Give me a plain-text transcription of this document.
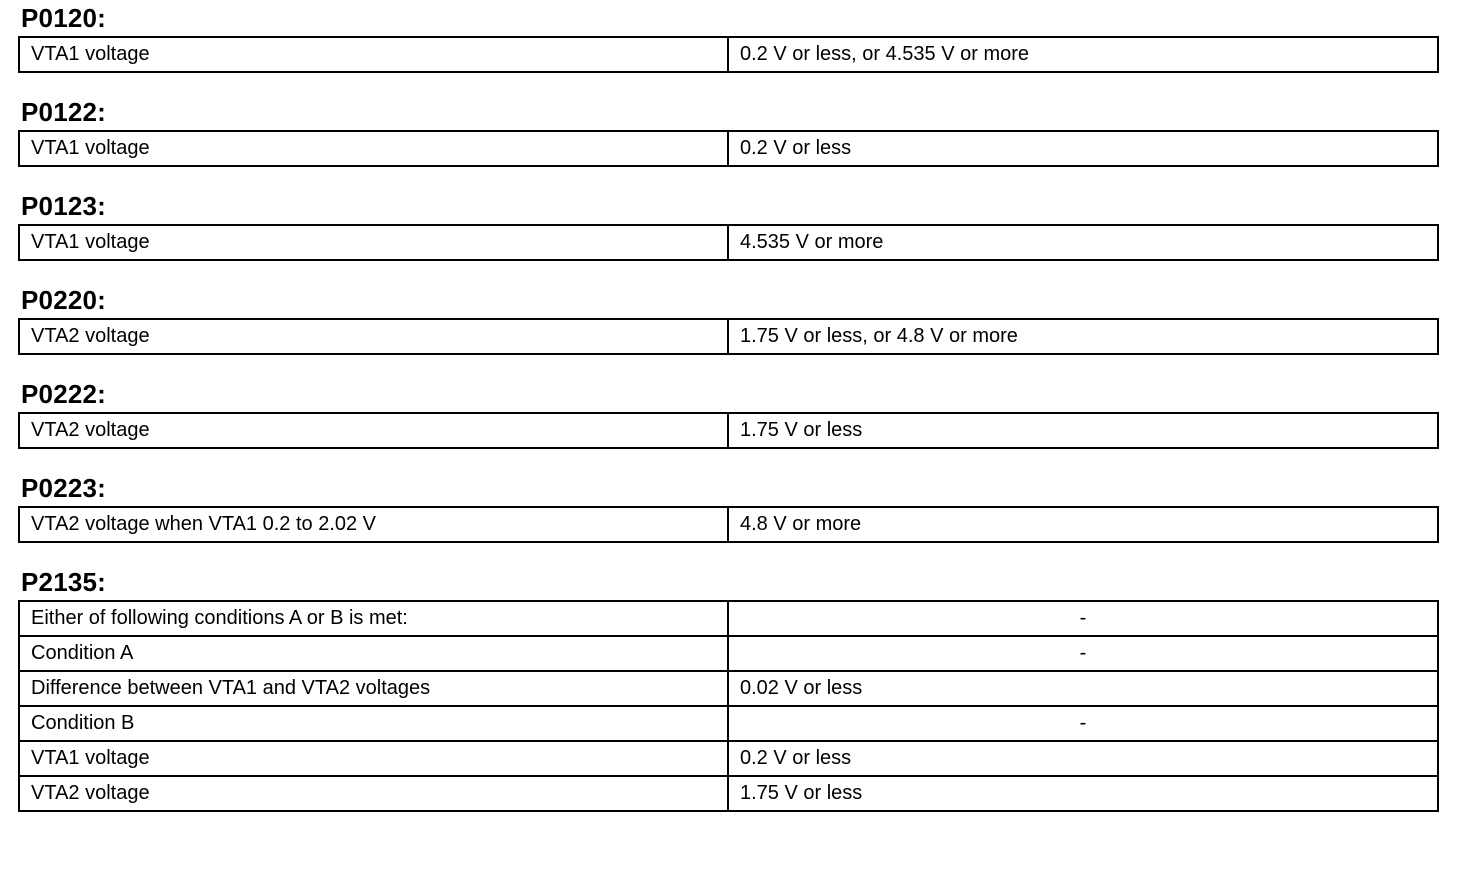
P0120:
VTA1 voltage	0.2 V or less, or 4.535 V or more
P0122:
VTA1 voltage	0.2 V or less
P0123:
VTA1 voltage	4.535 V or more
P0220:
VTA2 voltage	1.75 V or less, or 4.8 V or more
P0222:
VTA2 voltage	1.75 V or less
P0223:
VTA2 voltage when VTA1 0.2 to 2.02 V	4.8 V or more
P2135:
Either of following conditions A or B is met:	-
Condition A	-
Difference between VTA1 and VTA2 voltages	0.02 V or less
Condition B	-
VTA1 voltage	0.2 V or less
VTA2 voltage	1.75 V or less
